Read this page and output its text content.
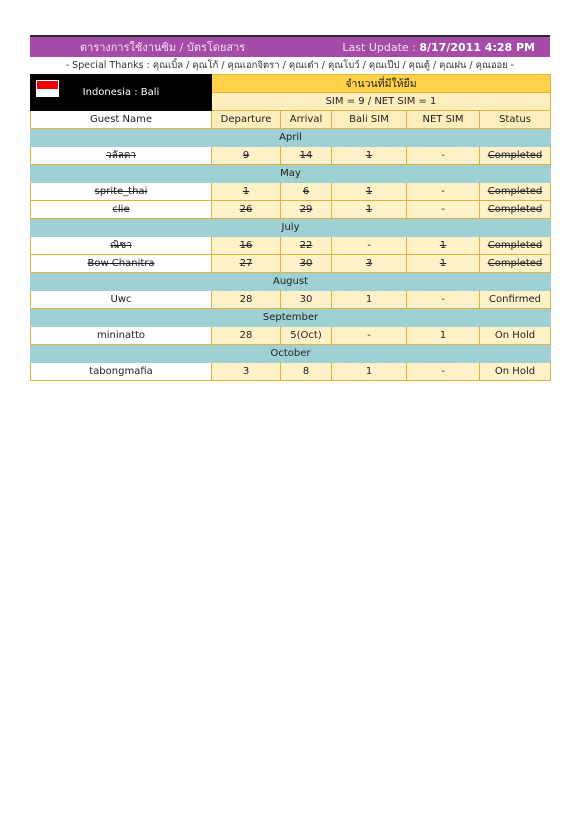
ตารางการใช้งานซิม / บัตรโดยสาร	Last Update : 8/17/2011 4:28 PM
- Special Thanks : คุณเบิ้ล / คุณโก้ / คุณเอกจิตรา / คุณเต๋า / คุณโบว์ / คุณเป๊ป / คุณตู้ / คุณฝน / คุณออย -
Indonesia : Bali	จำนวนที่มีให้ยืม				
	SIM = 9 / NET SIM = 1				
Guest Name	Departure	Arrival	Bali SIM	NET SIM	Status
April					
วลัลดา	9	14	1	-	Completed
May					
sprite_thai	1	6	1	-	Completed
clie	26	29	1	-	Completed
July					
ณิชา	16	22	-	1	Completed
Bow Chanitra	27	30	3	1	Completed
August					
Uwc	28	30	1	-	Confirmed
September					
mininatto	28	5(Oct)	-	1	On Hold
October					
tabongmafia	3	8	1	-	On Hold
